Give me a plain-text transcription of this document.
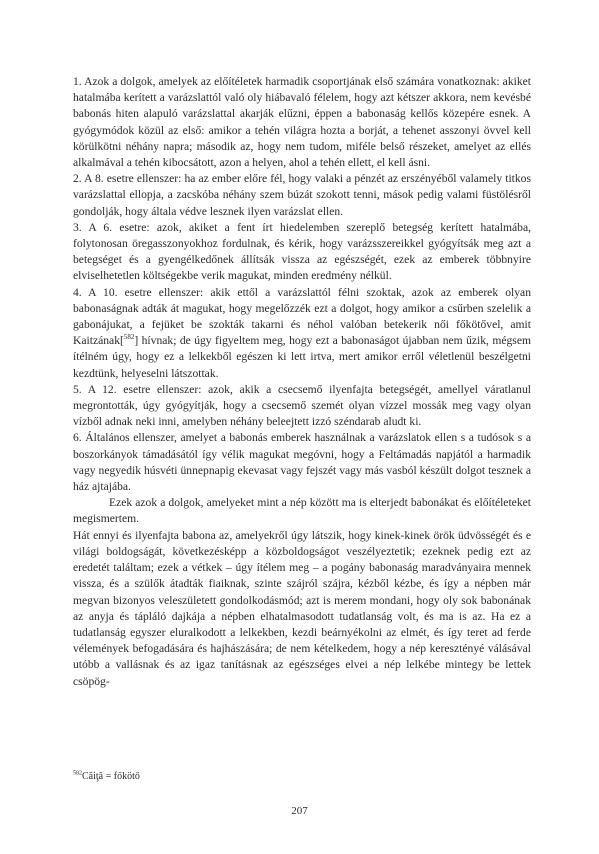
1. Azok a dolgok, amelyek az előítéletek harmadik csoportjának első számára vonatkoznak: akiket hatalmába kerített a varázslattól való oly hiábavaló félelem, hogy azt kétszer akkora, nem kevésbé babonás hiten alapuló varázslattal akarják elűzni, éppen a babonaság kellős közepére esnek. A gyógymódok közül az első: amikor a tehén világra hozta a borját, a tehenet asszonyi övvel kell körülkötni néhány napra; második az, hogy nem tudom, miféle belső részeket, amelyet az ellés alkalmával a tehén kibocsátott, azon a helyen, ahol a tehén ellett, el kell ásni.

2. A 8. esetre ellenszer: ha az ember előre fél, hogy valaki a pénzét az erszényéből valamely titkos varázslattal ellopja, a zacskóba néhány szem búzát szokott tenni, mások pedig valami füstölésről gondolják, hogy általa védve lesznek ilyen varázslat ellen.

3. A 6. esetre: azok, akiket a fent írt hiedelemben szereplő betegség kerített hatalmába, folytonosan öregasszonyokhoz fordulnak, és kérik, hogy varázsszereikkel gyógyítsák meg azt a betegséget és a gyengélkedőnek állítsák vissza az egészségét, ezek az emberek többnyire elviselhetetlen költségekbe verik magukat, minden eredmény nélkül.

4. A 10. esetre ellenszer: akik ettől a varázslattól félni szoktak, azok az emberek olyan babonaságnak adták át magukat, hogy megelőzzék ezt a dolgot, hogy amikor a csűrben szelelik a gabonájukat, a fejüket be szokták takarni és néhol valóban betekerik női főkötővel, amit Kaitzának[$^{582}$] hívnak; de úgy figyeltem meg, hogy ezt a babonaságot újabban nem űzik, mégsem ítélném úgy, hogy ez a lelkekből egészen ki lett irtva, mert amikor erről véletlenül beszélgetni kezdtünk, helyeselni látszottak.

5. A 12. esetre ellenszer: azok, akik a csecsemő ilyenfajta betegségét, amellyel váratlanul megrontották, úgy gyógyítják, hogy a csecsemő szemét olyan vízzel mossák meg vagy olyan vízből adnak neki inni, amelyben néhány beleejtett izzó széndarab aludt ki.

6. Általános ellenszer, amelyet a babonás emberek használnak a varázslatok ellen s a tudósok s a boszorkányok támadásától így vélik magukat megóvni, hogy a Feltámadás napjától a harmadik vagy negyedik húsvéti ünnepnapig ekevasat vagy fejszét vagy más vasból készült dolgot tesznek a ház ajtajába.

Ezek azok a dolgok, amelyeket mint a nép között ma is elterjedt babonákat és előítéleteket megismertem.

Hát ennyi és ilyenfajta babona az, amelyekről úgy látszik, hogy kinek-kinek örök üdvösségét és e világi boldogságát, következésképp a közboldogságot veszélyeztetik; ezeknek pedig ezt az eredetét találtam; ezek a vétkek – úgy ítélem meg – a pogány babonaság maradványaira mennek vissza, és a szülők átadták fiaiknak, szinte szájról szájra, kézből kézbe, és így a népben már megvan bizonyos veleszületett gondolkodásmód; azt is merem mondani, hogy oly sok babonának az anyja és tápláló dajkája a népben elhatalmasodott tudatlanság volt, és ma is az. Ha ez a tudatlanság egyszer eluralkodott a lelkekben, kezdi beárnyékolni az elmét, és így teret ad ferde vélemények befogadására és hajhászására; de nem kételkedem, hogy a nép keresztényé válásával utóbb a vallásnak és az igaz tanításnak az egészséges elvei a nép lelkébe mintegy be lettek csöpög-

$^{582}$Căiţă = főkötő
207
